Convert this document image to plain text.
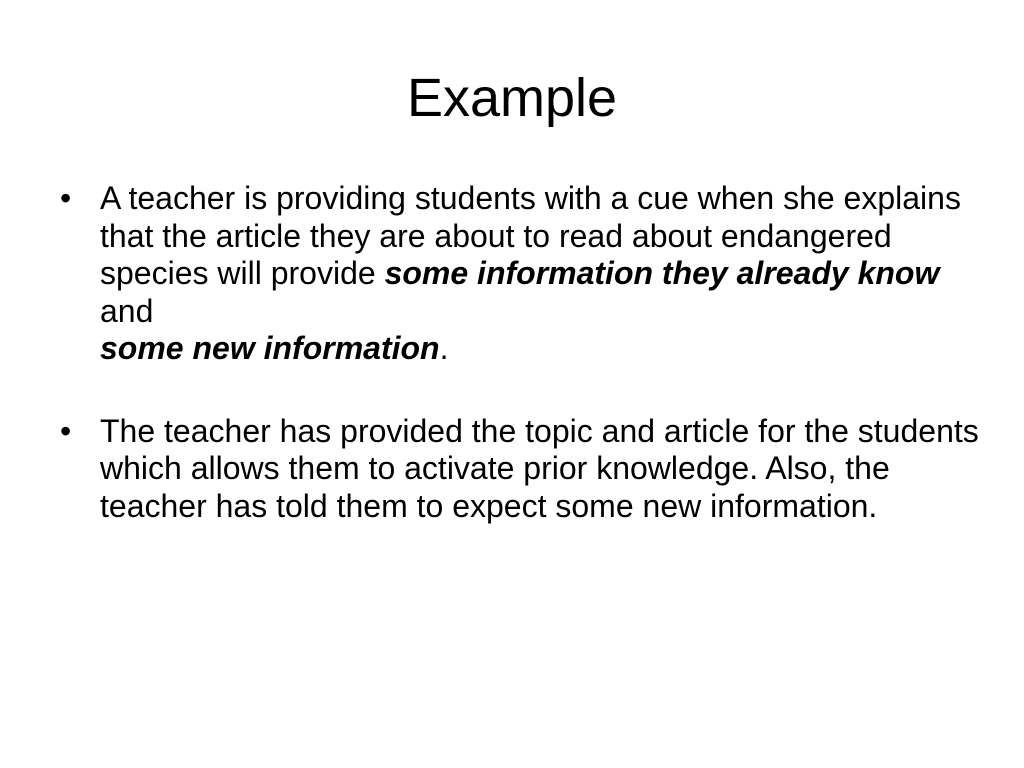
Example
• A teacher is providing students with a cue when she explains that the article they are about to read about endangered species will provide some information they already know and
some new information.
• The teacher has provided the topic and article for the students which allows them to activate prior knowledge. Also, the teacher has told them to expect some new information.
